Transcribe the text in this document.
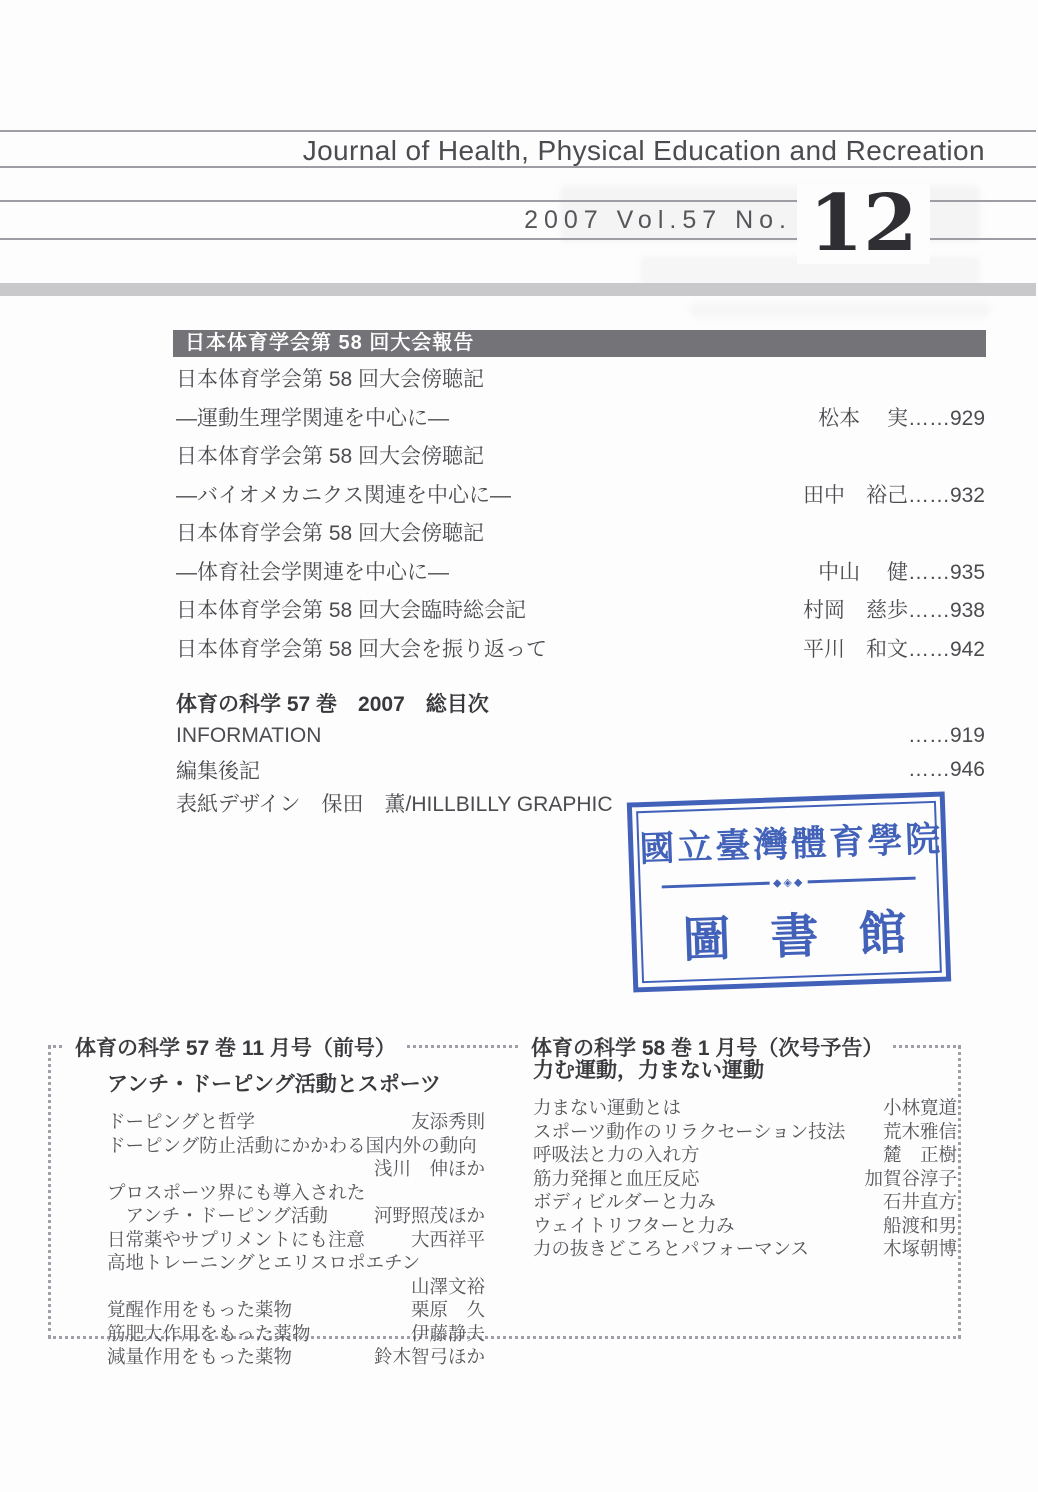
Journal of Health, Physical Education and Recreation
2007 Vol.57 No. 12
日本体育学会第 58 回大会報告
日本体育学会第 58 回大会傍聴記
—運動生理学関連を中心に—	松本　 実……929
日本体育学会第 58 回大会傍聴記
—バイオメカニクス関連を中心に—	田中　裕己……932
日本体育学会第 58 回大会傍聴記
—体育社会学関連を中心に—	中山　 健……935
日本体育学会第 58 回大会臨時総会記	村岡　慈歩……938
日本体育学会第 58 回大会を振り返って	平川　和文……942
体育の科学 57 巻　2007　総目次
INFORMATION	……919
編集後記	……946
表紙デザイン　保田　薫/HILLBILLY GRAPHIC
國立臺灣體育學院
◆◈◆
圖書館
体育の科学 57 巻 11 月号（前号）	体育の科学 58 巻 1 月号（次号予告）
アンチ・ドーピング活動とスポーツ
ドーピングと哲学	友添秀則
ドーピング防止活動にかかわる国内外の動向
浅川　伸ほか
プロスポーツ界にも導入された
　アンチ・ドーピング活動 河野照茂ほか
日常薬やサプリメントにも注意 大西祥平
高地トレーニングとエリスロポエチン
山澤文裕
覚醒作用をもった薬物	栗原　久
筋肥大作用をもった薬物	伊藤静夫
減量作用をもった薬物	鈴木智弓ほか
力む運動，力まない運動
力まない運動とは	小林寛道
スポーツ動作のリラクセーション技法 荒木雅信
呼吸法と力の入れ方	麓　正樹
筋力発揮と血圧反応	加賀谷淳子
ボディビルダーと力み	石井直方
ウェイトリフターと力み	船渡和男
力の抜きどころとパフォーマンス	木塚朝博
